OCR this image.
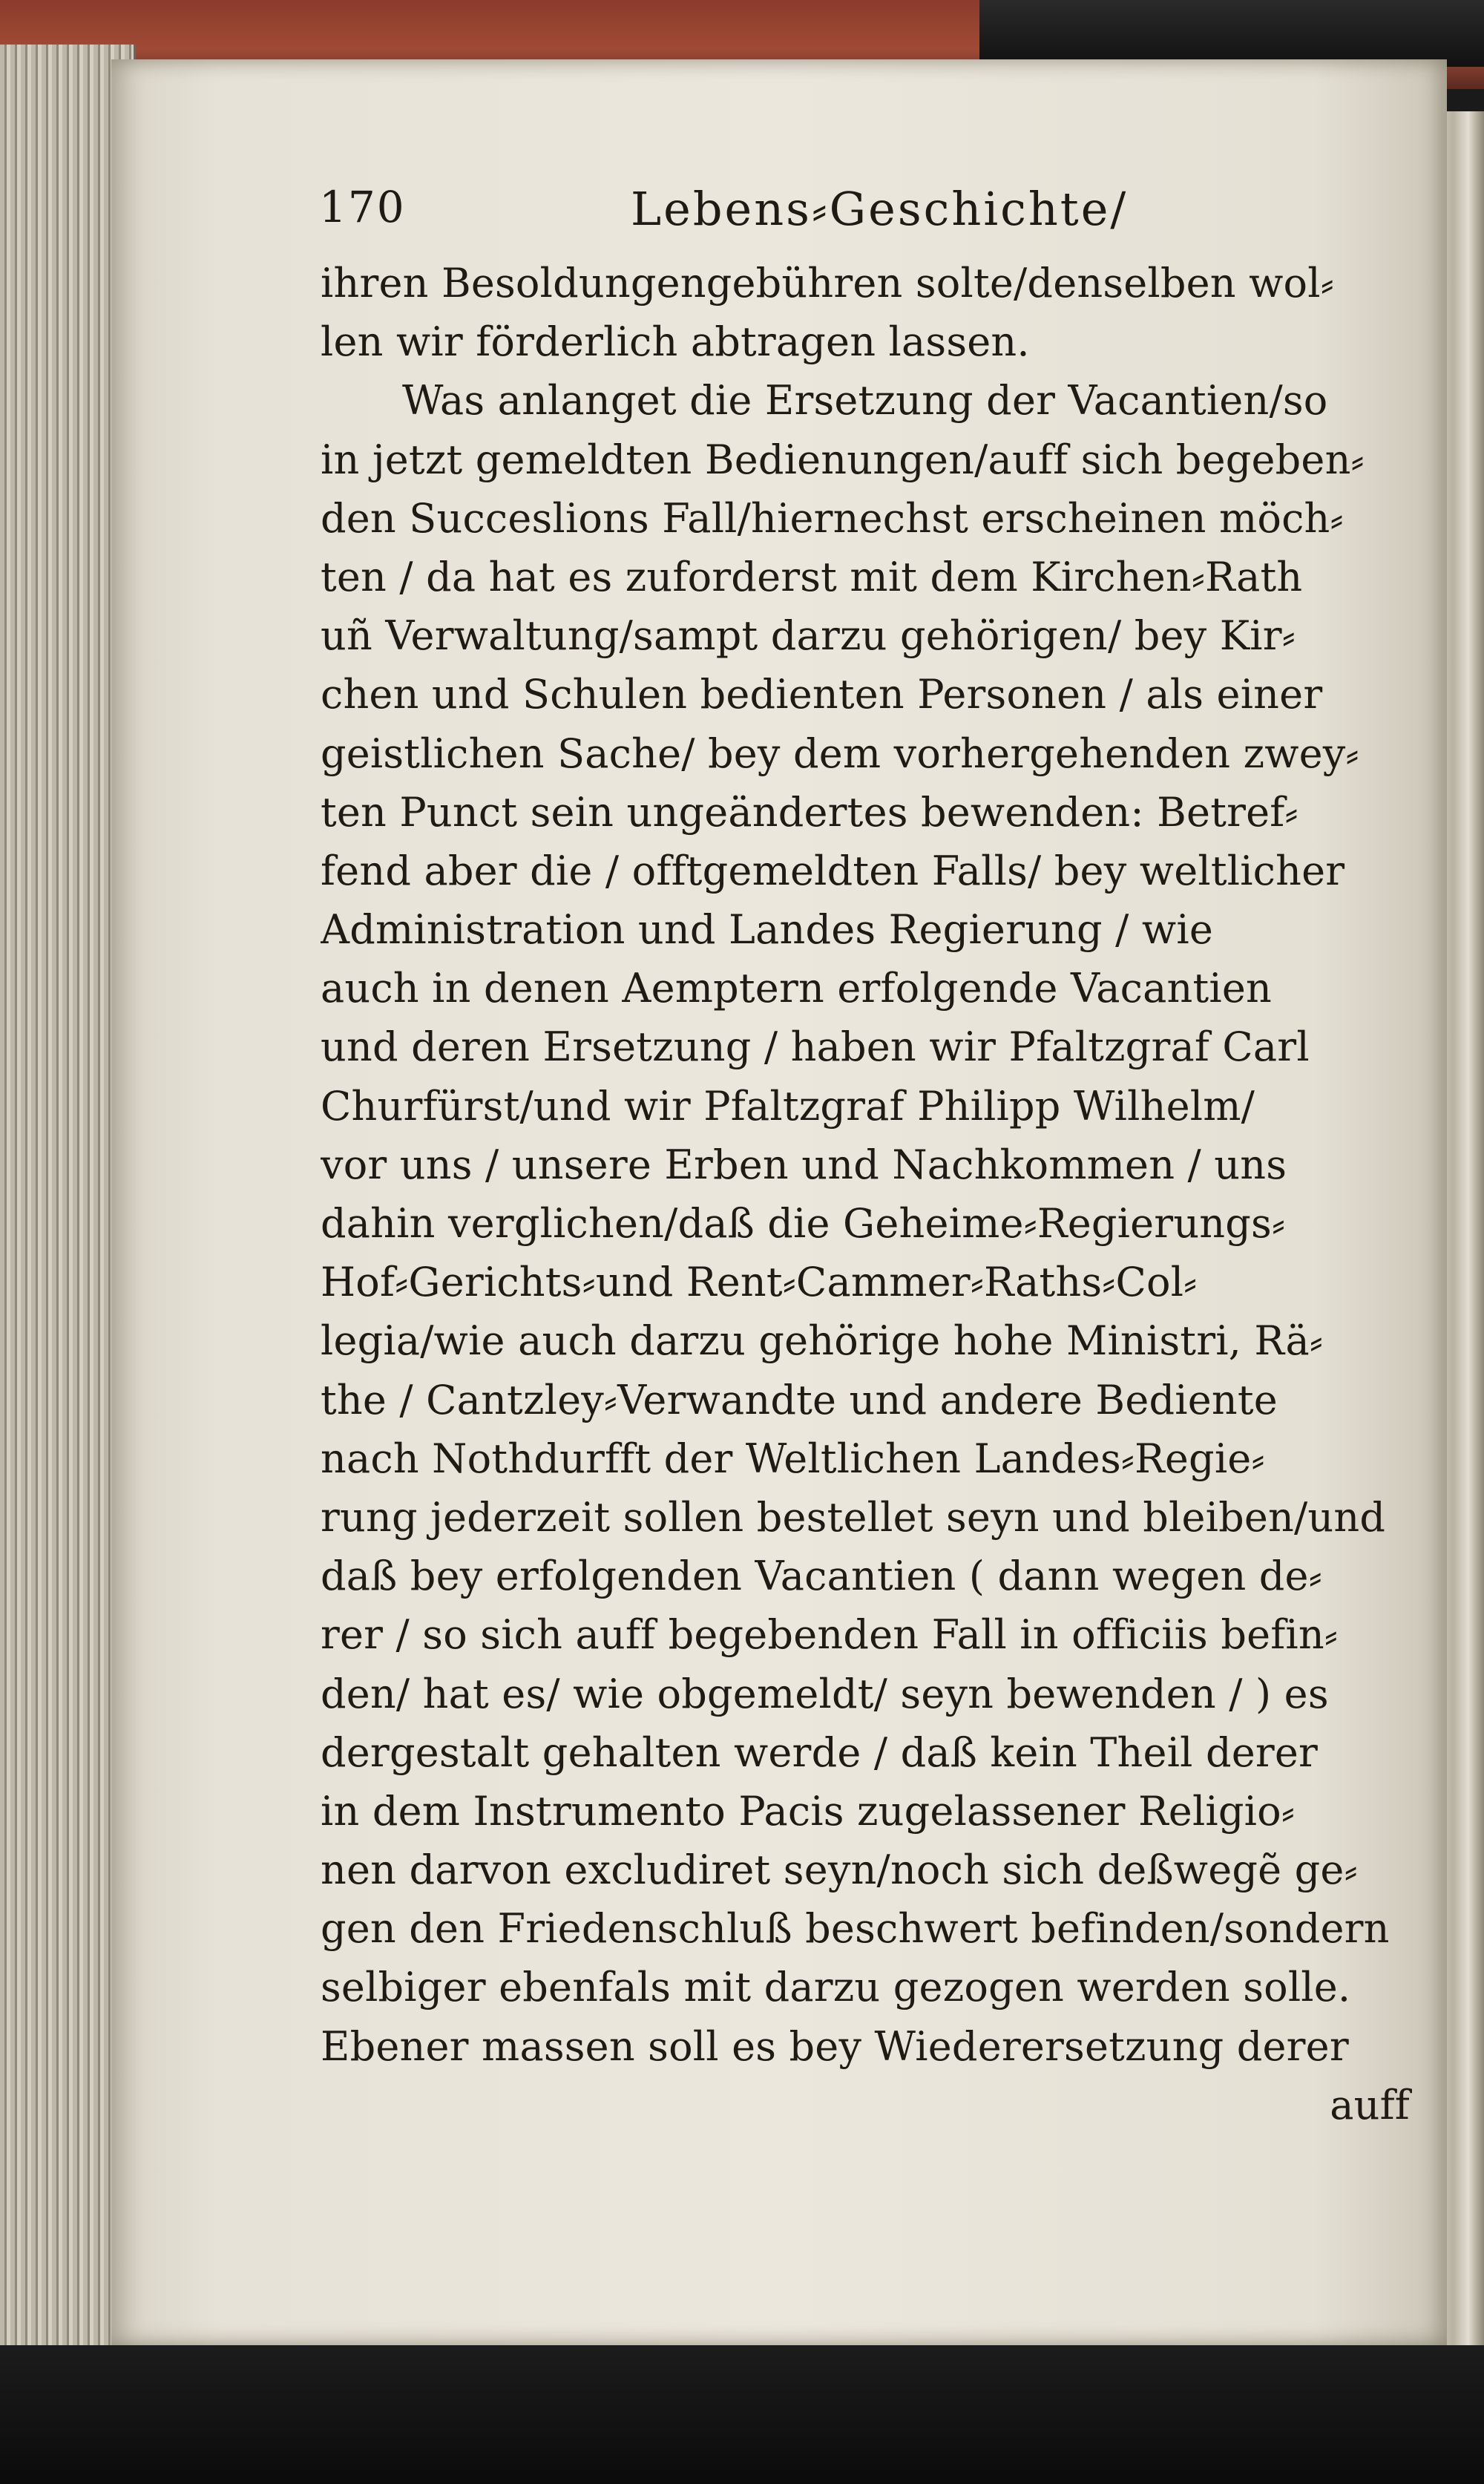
170	Lebens⸗Geschichte/
ihren Besoldungengebühren solte/denselben wol⸗
len wir förderlich abtragen lassen.
Was anlanget die Ersetzung der Vacantien/so
in jetzt gemeldten Bedienungen/auff sich begeben⸗
den Succeslions Fall/hiernechst erscheinen möch⸗
ten / da hat es zuforderst mit dem Kirchen⸗Rath
uñ Verwaltung/sampt darzu gehörigen/ bey Kir⸗
chen und Schulen bedienten Personen / als einer
geistlichen Sache/ bey dem vorhergehenden zwey⸗
ten Punct sein ungeändertes bewenden: Betref⸗
fend aber die / offtgemeldten Falls/ bey weltlicher
Administration und Landes Regierung / wie
auch in denen Aemptern erfolgende Vacantien
und deren Ersetzung / haben wir Pfaltzgraf Carl
Churfürst/und wir Pfaltzgraf Philipp Wilhelm/
vor uns / unsere Erben und Nachkommen / uns
dahin verglichen/daß die Geheime⸗Regierungs⸗
Hof⸗Gerichts⸗und Rent⸗Cammer⸗Raths⸗Col⸗
legia/wie auch darzu gehörige hohe Ministri, Rä⸗
the / Cantzley⸗Verwandte und andere Bediente
nach Nothdurfft der Weltlichen Landes⸗Regie⸗
rung jederzeit sollen bestellet seyn und bleiben/und
daß bey erfolgenden Vacantien ( dann wegen de⸗
rer / so sich auff begebenden Fall in officiis befin⸗
den/ hat es/ wie obgemeldt/ seyn bewenden / ) es
dergestalt gehalten werde / daß kein Theil derer
in dem Instrumento Pacis zugelassener Religio⸗
nen darvon excludiret seyn/noch sich deßwegẽ ge⸗
gen den Friedenschluß beschwert befinden/sondern
selbiger ebenfals mit darzu gezogen werden solle.
Ebener massen soll es bey Wiederersetzung derer
auff
